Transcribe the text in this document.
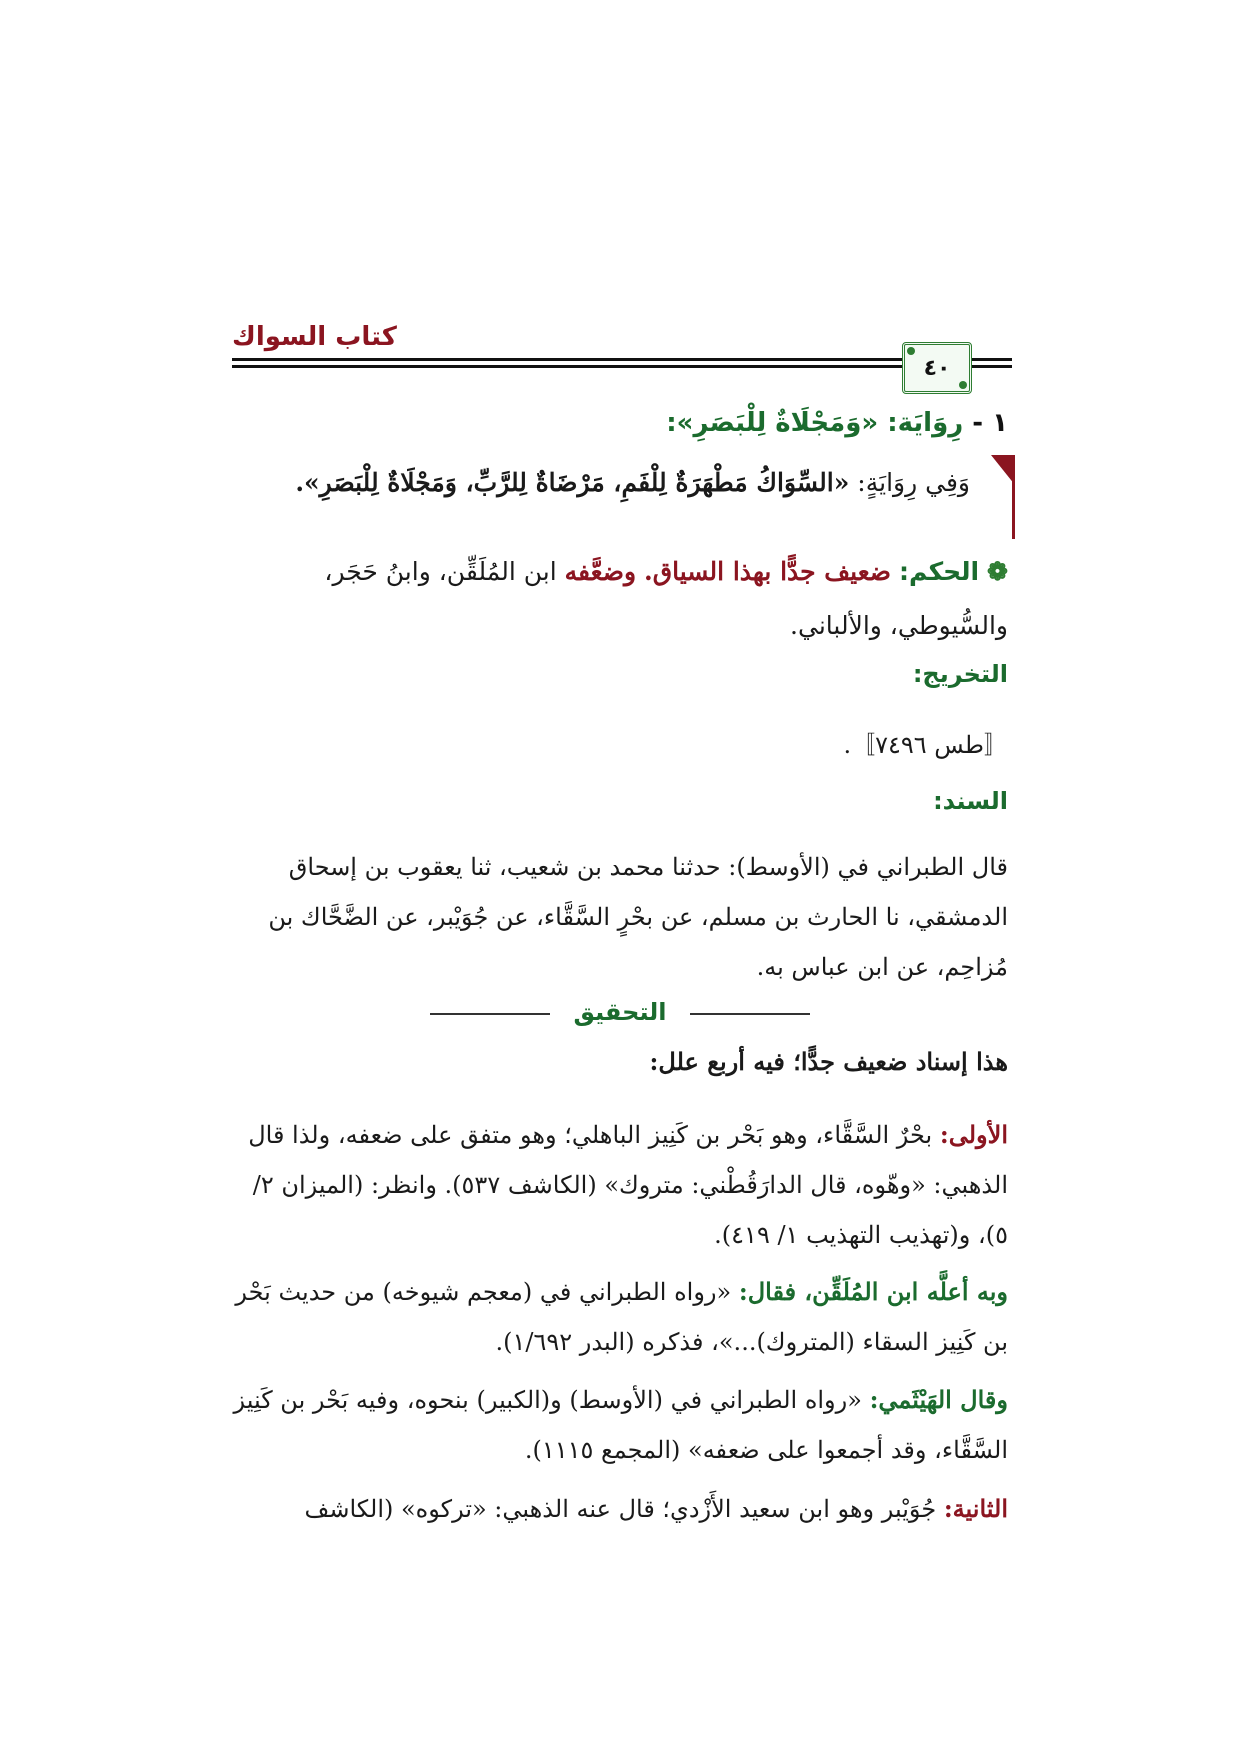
كتاب السواك
٤٠
١ - رِوَايَة: «وَمَجْلَاةٌ لِلْبَصَرِ»:
وَفِي رِوَايَةٍ: «السِّوَاكُ مَطْهَرَةٌ لِلْفَمِ، مَرْضَاةٌ لِلرَّبِّ، وَمَجْلَاةٌ لِلْبَصَرِ».
❁ الحكم: ضعيف جدًّا بهذا السياق. وضعَّفه ابن المُلَقِّن، وابنُ حَجَر، والسُّيوطي، والألباني.
التخريج:
〚طس ٧٤٩٦〛.
السند:
قال الطبراني في (الأوسط): حدثنا محمد بن شعيب، ثنا يعقوب بن إسحاق الدمشقي، نا الحارث بن مسلم، عن بحْرٍ السَّقَّاء، عن جُوَيْبر، عن الضَّحَّاك بن مُزاحِم، عن ابن عباس به.
التحقيق
هذا إسناد ضعيف جدًّا؛ فيه أربع علل:
الأولى: بحْرٌ السَّقَّاء، وهو بَحْر بن كَنِيز الباهلي؛ وهو متفق على ضعفه، ولذا قال الذهبي: «وهّوه، قال الدارَقُطْني: متروك» (الكاشف ٥٣٧). وانظر: (الميزان ٢/ ٥)، و(تهذيب التهذيب ١/ ٤١٩).
وبه أعلَّه ابن المُلَقِّن، فقال: «رواه الطبراني في (معجم شيوخه) من حديث بَحْر بن كَنِيز السقاء (المتروك)...»، فذكره (البدر ١/٦٩٢).
وقال الهَيْثَمي: «رواه الطبراني في (الأوسط) و(الكبير) بنحوه، وفيه بَحْر بن كَنِيز السَّقَّاء، وقد أجمعوا على ضعفه» (المجمع ١١١٥).
الثانية: جُوَيْبر وهو ابن سعيد الأَزْدي؛ قال عنه الذهبي: «تركوه» (الكاشف
